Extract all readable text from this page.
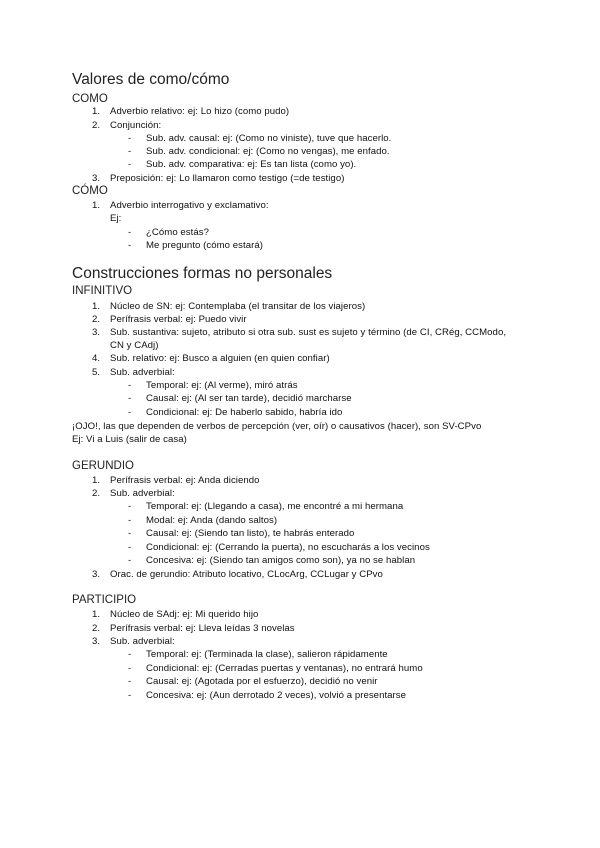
Valores de como/cómo
COMO
1. Adverbio relativo: ej: Lo hizo (como pudo)
2. Conjunción:
- Sub. adv. causal: ej: (Como no viniste), tuve que hacerlo.
- Sub. adv. condicional: ej: (Como no vengas), me enfado.
- Sub. adv. comparativa: ej: Es tan lista (como yo).
3. Preposición: ej: Lo llamaron como testigo (=de testigo)
CÓMO
1. Adverbio interrogativo y exclamativo:
Ej:
- ¿Cómo estás?
- Me pregunto (cómo estará)
Construcciones formas no personales
INFINITIVO
1. Núcleo de SN: ej: Contemplaba (el transitar de los viajeros)
2. Perífrasis verbal: ej: Puedo vivir
3. Sub. sustantiva: sujeto, atributo si otra sub. sust es sujeto y término (de CI, CRég, CCModo,
CN y CAdj)
4. Sub. relativo: ej: Busco a alguien (en quien confiar)
5. Sub. adverbial:
- Temporal: ej: (Al verme), miró atrás
- Causal: ej: (Al ser tan tarde), decidió marcharse
- Condicional: ej: De haberlo sabido, habría ido
¡OJO!, las que dependen de verbos de percepción (ver, oír) o causativos (hacer), son SV-CPvo
Ej: Vi a Luis (salir de casa)
GERUNDIO
1. Perífrasis verbal: ej: Anda diciendo
2. Sub. adverbial:
- Temporal: ej: (Llegando a casa), me encontré a mi hermana
- Modal: ej: Anda (dando saltos)
- Causal: ej: (Siendo tan listo), te habrás enterado
- Condicional: ej: (Cerrando la puerta), no escucharás a los vecinos
- Concesiva: ej: (Siendo tan amigos como son), ya no se hablan
3. Orac. de gerundio: Atributo locativo, CLocArg, CCLugar y CPvo
PARTICIPIO
1. Núcleo de SAdj: ej: Mi querido hijo
2. Perífrasis verbal: ej: Lleva leídas 3 novelas
3. Sub. adverbial:
- Temporal: ej: (Terminada la clase), salieron rápidamente
- Condicional: ej: (Cerradas puertas y ventanas), no entrará humo
- Causal: ej: (Agotada por el esfuerzo), decidió no venir
- Concesiva: ej: (Aun derrotado 2 veces), volvió a presentarse
